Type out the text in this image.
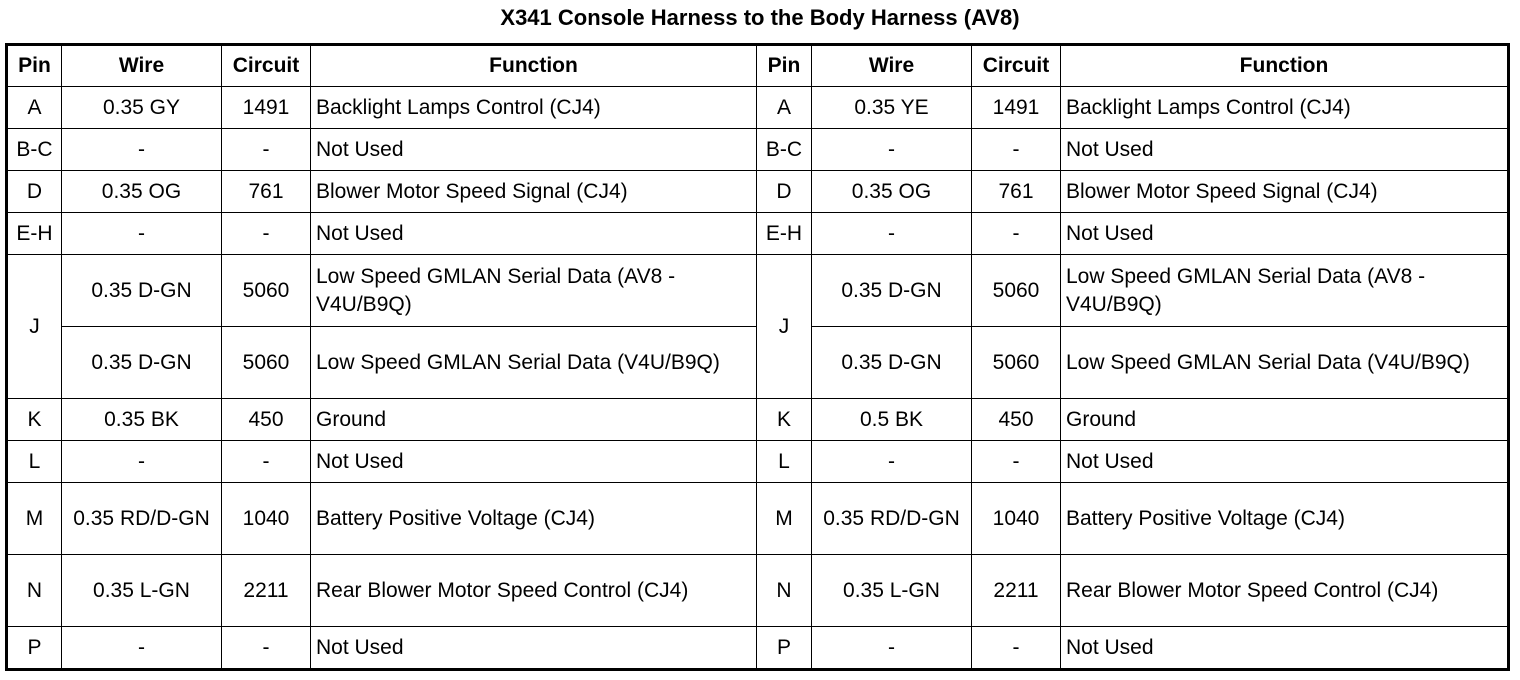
X341 Console Harness to the Body Harness (AV8)
Pin	Wire	Circuit	Function	Pin	Wire	Circuit	Function
A	0.35 GY	1491	Backlight Lamps Control (CJ4)	A	0.35 YE	1491	Backlight Lamps Control (CJ4)
B-C	-	-	Not Used	B-C	-	-	Not Used
D	0.35 OG	761	Blower Motor Speed Signal (CJ4)	D	0.35 OG	761	Blower Motor Speed Signal (CJ4)
E-H	-	-	Not Used	E-H	-	-	Not Used
J	0.35 D-GN	5060	Low Speed GMLAN Serial Data (AV8 -V4U/B9Q)	J	0.35 D-GN	5060	Low Speed GMLAN Serial Data (AV8 -V4U/B9Q)
	0.35 D-GN	5060	Low Speed GMLAN Serial Data (V4U/B9Q)		0.35 D-GN	5060	Low Speed GMLAN Serial Data (V4U/B9Q)
K	0.35 BK	450	Ground	K	0.5 BK	450	Ground
L	-	-	Not Used	L	-	-	Not Used
M	0.35 RD/D-GN	1040	Battery Positive Voltage (CJ4)	M	0.35 RD/D-GN	1040	Battery Positive Voltage (CJ4)
N	0.35 L-GN	2211	Rear Blower Motor Speed Control (CJ4)	N	0.35 L-GN	2211	Rear Blower Motor Speed Control (CJ4)
P	-	-	Not Used	P	-	-	Not Used
